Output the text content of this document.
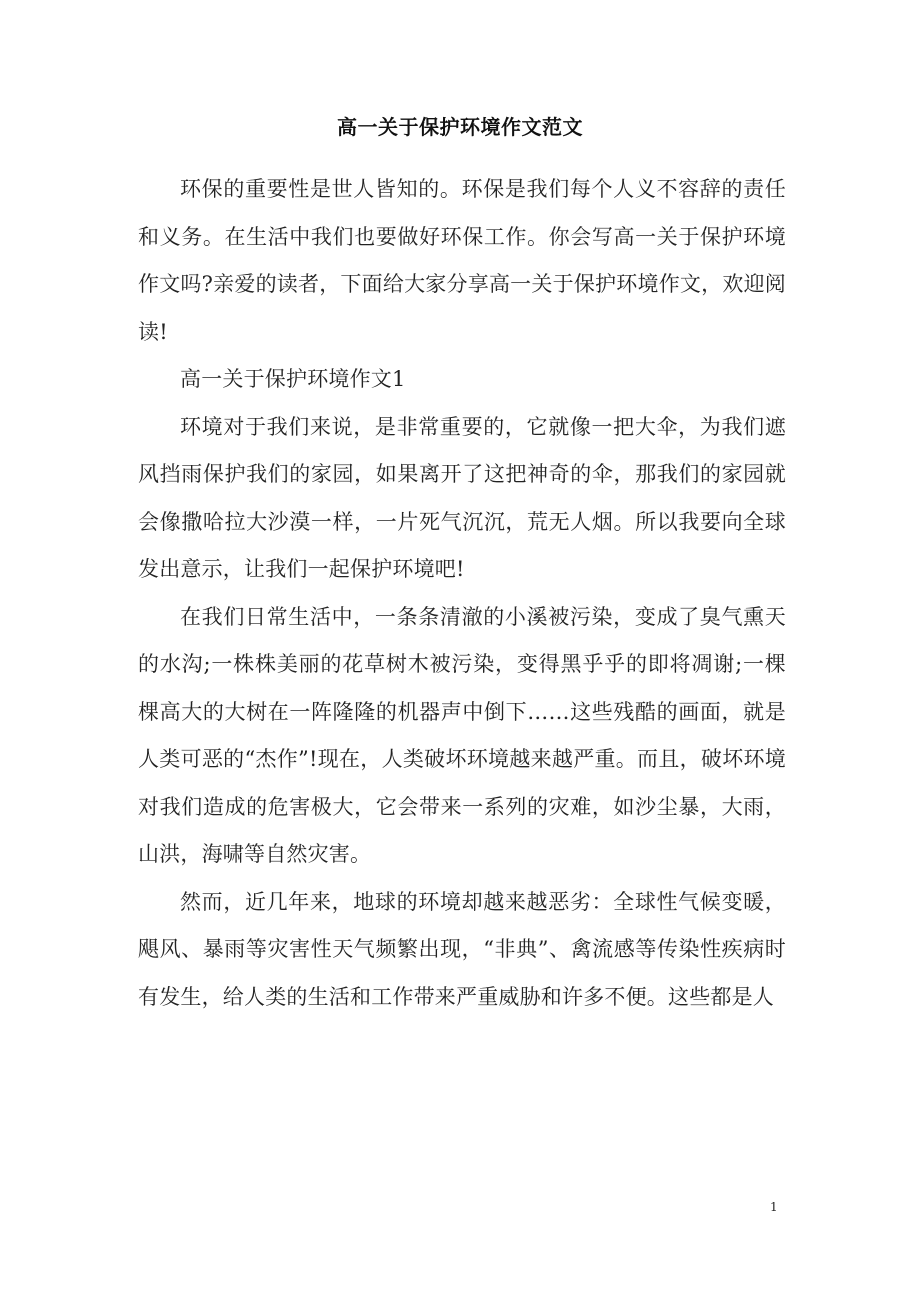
高一关于保护环境作文范文

环保的重要性是世人皆知的。环保是我们每个人义不容辞的责任和义务。在生活中我们也要做好环保工作。你会写高一关于保护环境作文吗?亲爱的读者，下面给大家分享高一关于保护环境作文，欢迎阅读!

高一关于保护环境作文1

环境对于我们来说，是非常重要的，它就像一把大伞，为我们遮风挡雨保护我们的家园，如果离开了这把神奇的伞，那我们的家园就会像撒哈拉大沙漠一样，一片死气沉沉，荒无人烟。所以我要向全球发出意示，让我们一起保护环境吧!

在我们日常生活中，一条条清澈的小溪被污染，变成了臭气熏天的水沟;一株株美丽的花草树木被污染，变得黑乎乎的即将凋谢;一棵棵高大的大树在一阵隆隆的机器声中倒下……这些残酷的画面，就是人类可恶的“杰作”!现在，人类破坏环境越来越严重。而且，破坏环境对我们造成的危害极大，它会带来一系列的灾难，如沙尘暴，大雨，山洪，海啸等自然灾害。

然而，近几年来，地球的环境却越来越恶劣：全球性气候变暖，飓风、暴雨等灾害性天气频繁出现，“非典”、禽流感等传染性疾病时有发生，给人类的生活和工作带来严重威胁和许多不便。这些都是人

1
